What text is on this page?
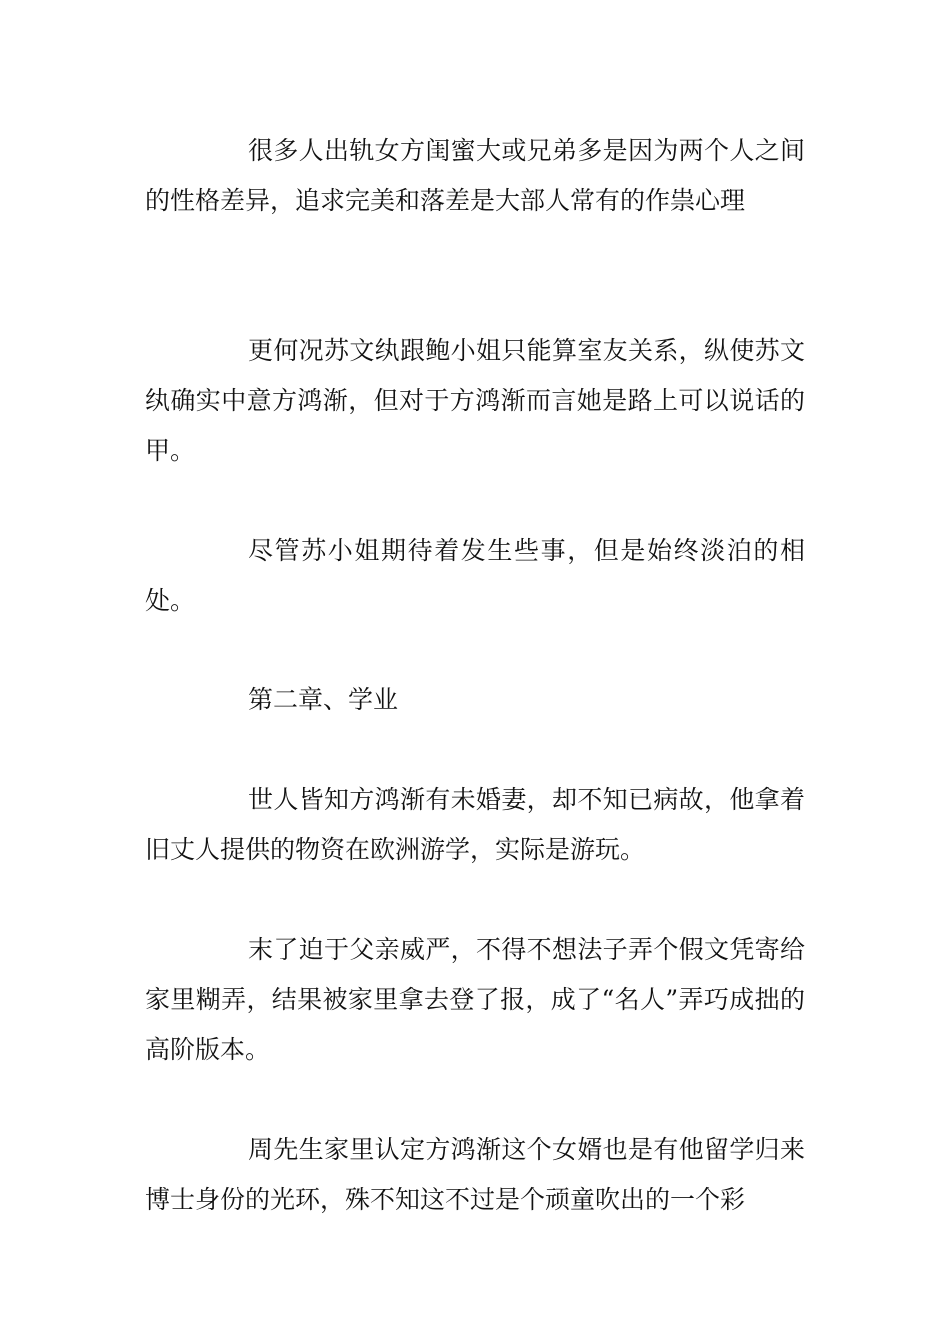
很多人出轨女方闺蜜大或兄弟多是因为两个人之间的性格差异，追求完美和落差是大部人常有的作祟心理

更何况苏文纨跟鲍小姐只能算室友关系，纵使苏文纨确实中意方鸿渐，但对于方鸿渐而言她是路上可以说话的甲。

尽管苏小姐期待着发生些事，但是始终淡泊的相处。

第二章、学业

世人皆知方鸿渐有未婚妻，却不知已病故，他拿着旧丈人提供的物资在欧洲游学，实际是游玩。

末了迫于父亲威严，不得不想法子弄个假文凭寄给家里糊弄，结果被家里拿去登了报，成了“名人”弄巧成拙的高阶版本。

周先生家里认定方鸿渐这个女婿也是有他留学归来博士身份的光环，殊不知这不过是个顽童吹出的一个彩
